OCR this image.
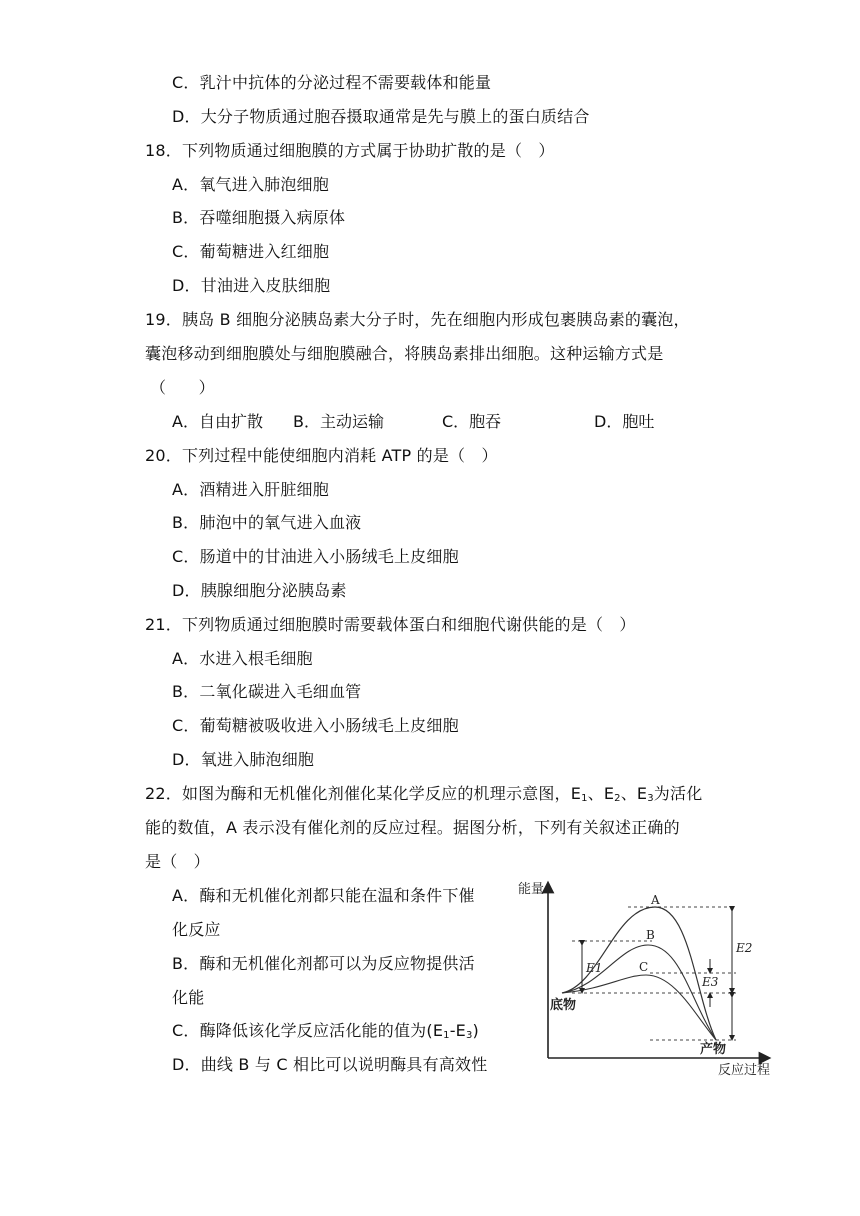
C．乳汁中抗体的分泌过程不需要载体和能量
D．大分子物质通过胞吞摄取通常是先与膜上的蛋白质结合
18．下列物质通过细胞膜的方式属于协助扩散的是（　）
A．氧气进入肺泡细胞
B．吞噬细胞摄入病原体
C．葡萄糖进入红细胞
D．甘油进入皮肤细胞
19．胰岛 B 细胞分泌胰岛素大分子时，先在细胞内形成包裹胰岛素的囊泡，
囊泡移动到细胞膜处与细胞膜融合，将胰岛素排出细胞。这种运输方式是
（　　）
A．自由扩散 B．主动运输	C．胞吞	D．胞吐
20．下列过程中能使细胞内消耗 ATP 的是（　）
A．酒精进入肝脏细胞
B．肺泡中的氧气进入血液
C．肠道中的甘油进入小肠绒毛上皮细胞
D．胰腺细胞分泌胰岛素
21．下列物质通过细胞膜时需要载体蛋白和细胞代谢供能的是（　）
A．水进入根毛细胞
B．二氧化碳进入毛细血管
C．葡萄糖被吸收进入小肠绒毛上皮细胞
D．氧进入肺泡细胞
22．如图为酶和无机催化剂催化某化学反应的机理示意图，$E_1$、$E_2$、$E_3$为活化
能的数值，A 表示没有催化剂的反应过程。据图分析，下列有关叙述正确的
是（　）
A．酶和无机催化剂都只能在温和条件下催
化反应
B．酶和无机催化剂都可以为反应物提供活
化能
C．酶降低该化学反应活化能的值为$(E_1-E_3)$
D．曲线 B 与 C 相比可以说明酶具有高效性
能量
反应过程
A
B
C
E1
E2
E3
底物
产物
